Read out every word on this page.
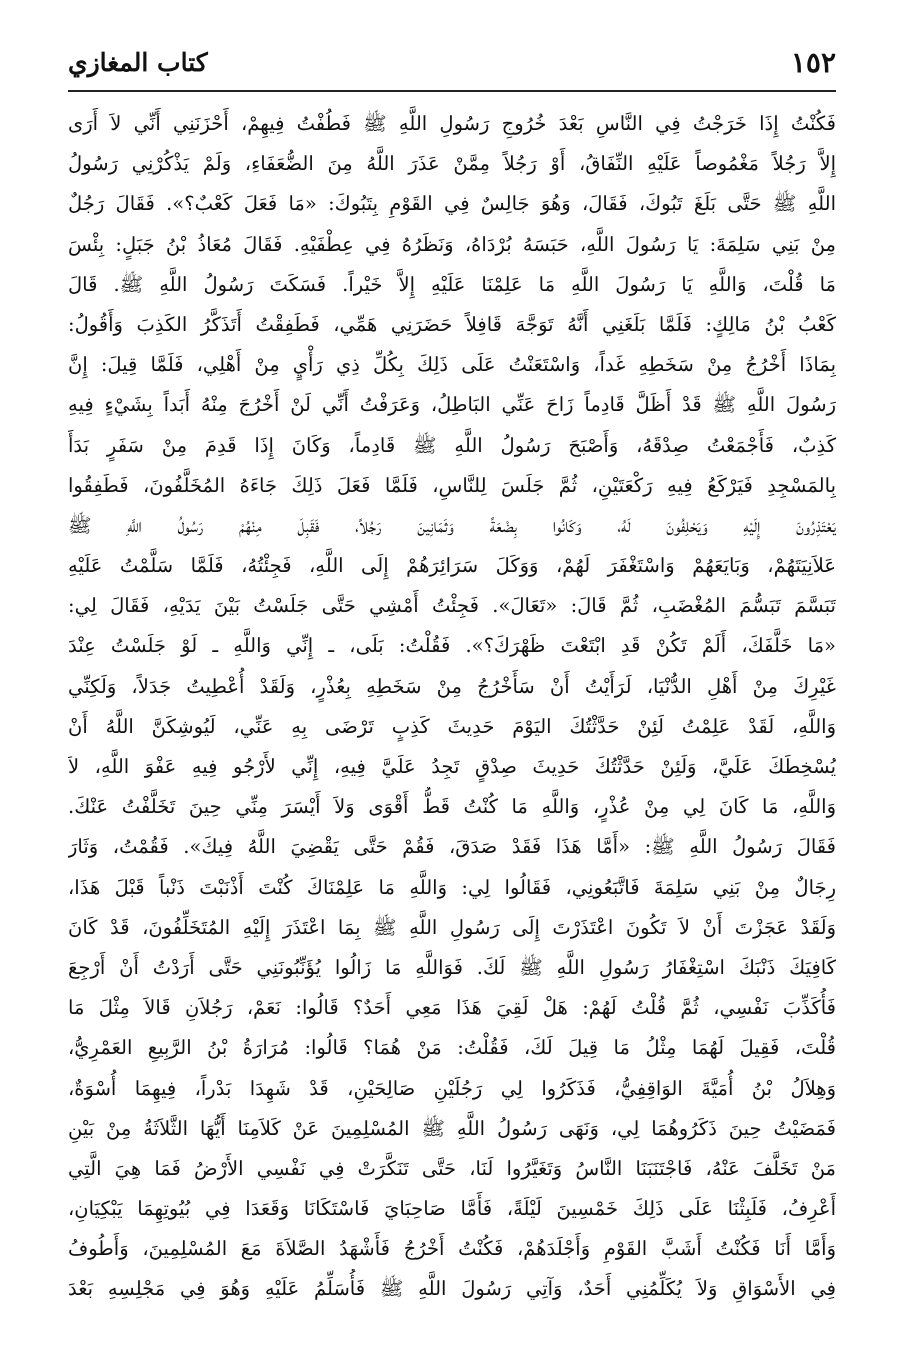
كتاب المغازي	١٥٢
فَكُنْتُ إِذَا خَرَجْتُ فِي النَّاسِ بَعْدَ خُرُوجِ رَسُولِ اللَّهِ ﷺ فَطُفْتُ فِيهِمْ، أَحْزَنَنِي أَنِّي لاَ أَرَى
إِلاَّ رَجُلاً مَغْمُوصاً عَلَيْهِ النِّفَاقُ، أَوْ رَجُلاً مِمَّنْ عَذَرَ اللَّهُ مِنَ الضُّعَفَاءِ، وَلَمْ يَذْكُرْنِي رَسُولُ
اللَّهِ ﷺ حَتَّى بَلَغَ تَبُوكَ، فَقَالَ، وَهُوَ جَالِسٌ فِي القَوْمِ بِتَبُوكَ: «مَا فَعَلَ كَعْبٌ؟». فَقَالَ رَجُلٌ
مِنْ بَنِي سَلِمَةَ: يَا رَسُولَ اللَّهِ، حَبَسَهُ بُرْدَاهُ، وَنَظَرُهُ فِي عِطْفَيْهِ. فَقَالَ مُعَاذُ بْنُ جَبَلٍ: بِئْسَ
مَا قُلْتَ، وَاللَّهِ يَا رَسُولَ اللَّهِ مَا عَلِمْنَا عَلَيْهِ إِلاَّ خَيْراً. فَسَكَتَ رَسُولُ اللَّهِ ﷺ. قَالَ
كَعْبُ بْنُ مَالِكٍ: فَلَمَّا بَلَغَنِي أَنَّهُ تَوَجَّهَ قَافِلاً حَضَرَنِي هَمِّي، فَطَفِقْتُ أَتَذَكَّرُ الكَذِبَ وَأَقُولُ:
بِمَاذَا أَخْرُجُ مِنْ سَخَطِهِ غَداً، وَاسْتَعَنْتُ عَلَى ذَلِكَ بِكُلِّ ذِي رَأْيٍ مِنْ أَهْلِي، فَلَمَّا قِيلَ: إِنَّ
رَسُولَ اللَّهِ ﷺ قَدْ أَظَلَّ قَادِماً زَاحَ عَنِّي البَاطِلُ، وَعَرَفْتُ أَنِّي لَنْ أَخْرُجَ مِنْهُ أَبَداً بِشَيْءٍ فِيهِ
كَذِبٌ، فَأَجْمَعْتُ صِدْقَهُ، وَأَصْبَحَ رَسُولُ اللَّهِ ﷺ قَادِماً، وَكَانَ إِذَا قَدِمَ مِنْ سَفَرٍ بَدَأَ
بِالمَسْجِدِ فَيَرْكَعُ فِيهِ رَكْعَتَيْنِ، ثُمَّ جَلَسَ لِلنَّاسِ، فَلَمَّا فَعَلَ ذَلِكَ جَاءَهُ المُخَلَّفُونَ، فَطَفِقُوا
يَعْتَذِرُونَ إِلَيْهِ وَيَحْلِفُونَ لَهُ، وَكَانُوا بِضْعَةً وَثَمَانِينَ رَجُلاً، فَقَبِلَ مِنْهُمْ رَسُولُ اللَّهِ ﷺ
عَلاَنِيَتَهُمْ، وَبَايَعَهُمْ وَاسْتَغْفَرَ لَهُمْ، وَوَكَلَ سَرَائِرَهُمْ إِلَى اللَّهِ، فَجِئْتُهُ، فَلَمَّا سَلَّمْتُ عَلَيْهِ
تَبَسَّمَ تَبَسُّمَ المُغْضَبِ، ثُمَّ قَالَ: «تَعَالَ». فَجِئْتُ أَمْشِي حَتَّى جَلَسْتُ بَيْنَ يَدَيْهِ، فَقَالَ لِي:
«مَا خَلَّفَكَ، أَلَمْ تَكُنْ قَدِ ابْتَعْتَ ظَهْرَكَ؟». فَقُلْتُ: بَلَى، ـ إِنِّي وَاللَّهِ ـ لَوْ جَلَسْتُ عِنْدَ
غَيْرِكَ مِنْ أَهْلِ الدُّنْيَا، لَرَأَيْتُ أَنْ سَأَخْرُجُ مِنْ سَخَطِهِ بِعُذْرٍ، وَلَقَدْ أُعْطِيتُ جَدَلاً، وَلَكِنِّي
وَاللَّهِ، لَقَدْ عَلِمْتُ لَئِنْ حَدَّثْتُكَ اليَوْمَ حَدِيثَ كَذِبٍ تَرْضَى بِهِ عَنِّي، لَيُوشِكَنَّ اللَّهُ أَنْ
يُسْخِطَكَ عَلَيَّ، وَلَئِنْ حَدَّثْتُكَ حَدِيثَ صِدْقٍ تَجِدُ عَلَيَّ فِيهِ، إِنِّي لأَرْجُو فِيهِ عَفْوَ اللَّهِ، لاَ
وَاللَّهِ، مَا كَانَ لِي مِنْ عُذْرٍ، وَاللَّهِ مَا كُنْتُ قَطُّ أَقْوَى وَلاَ أَيْسَرَ مِنِّي حِينَ تَخَلَّفْتُ عَنْكَ.
فَقَالَ رَسُولُ اللَّهِ ﷺ: «أَمَّا هَذَا فَقَدْ صَدَقَ، فَقُمْ حَتَّى يَقْضِيَ اللَّهُ فِيكَ». فَقُمْتُ، وَثَارَ
رِجَالٌ مِنْ بَنِي سَلِمَةَ فَاتَّبَعُونِي، فَقَالُوا لِي: وَاللَّهِ مَا عَلِمْنَاكَ كُنْتَ أَذْنَبْتَ ذَنْباً قَبْلَ هَذَا،
وَلَقَدْ عَجَزْتَ أَنْ لاَ تَكُونَ اعْتَذَرْتَ إِلَى رَسُولِ اللَّهِ ﷺ بِمَا اعْتَذَرَ إِلَيْهِ المُتَخَلِّفُونَ، قَدْ كَانَ
كَافِيَكَ ذَنْبَكَ اسْتِغْفَارُ رَسُولِ اللَّهِ ﷺ لَكَ. فَوَاللَّهِ مَا زَالُوا يُؤَنِّبُونَنِي حَتَّى أَرَدْتُ أَنْ أَرْجِعَ
فَأُكَذِّبَ نَفْسِي، ثُمَّ قُلْتُ لَهُمْ: هَلْ لَقِيَ هَذَا مَعِي أَحَدٌ؟ قَالُوا: نَعَمْ، رَجُلاَنِ قَالاَ مِثْلَ مَا
قُلْتَ، فَقِيلَ لَهُمَا مِثْلُ مَا قِيلَ لَكَ، فَقُلْتُ: مَنْ هُمَا؟ قَالُوا: مُرَارَةُ بْنُ الرَّبِيعِ العَمْرِيُّ،
وَهِلاَلُ بْنُ أُمَيَّةَ الوَاقِفِيُّ، فَذَكَرُوا لِي رَجُلَيْنِ صَالِحَيْنِ، قَدْ شَهِدَا بَدْراً، فِيهِمَا أُسْوَةٌ،
فَمَضَيْتُ حِينَ ذَكَرُوهُمَا لِي، وَنَهَى رَسُولُ اللَّهِ ﷺ المُسْلِمِينَ عَنْ كَلاَمِنَا أَيُّهَا الثَّلاَثَةُ مِنْ بَيْنِ
مَنْ تَخَلَّفَ عَنْهُ، فَاجْتَنَبَنَا النَّاسُ وَتَغَيَّرُوا لَنَا، حَتَّى تَنَكَّرَتْ فِي نَفْسِي الأَرْضُ فَمَا هِيَ الَّتِي
أَعْرِفُ، فَلَبِثْنَا عَلَى ذَلِكَ خَمْسِينَ لَيْلَةً، فَأَمَّا صَاحِبَايَ فَاسْتَكَانَا وَقَعَدَا فِي بُيُوتِهِمَا يَبْكِيَانِ،
وَأَمَّا أَنَا فَكُنْتُ أَشَبَّ القَوْمِ وَأَجْلَدَهُمْ، فَكُنْتُ أَخْرُجُ فَأَشْهَدُ الصَّلاَةَ مَعَ المُسْلِمِينَ، وَأَطُوفُ
فِي الأَسْوَاقِ وَلاَ يُكَلِّمُنِي أَحَدٌ، وَآتِي رَسُولَ اللَّهِ ﷺ فَأُسَلِّمُ عَلَيْهِ وَهُوَ فِي مَجْلِسِهِ بَعْدَ
